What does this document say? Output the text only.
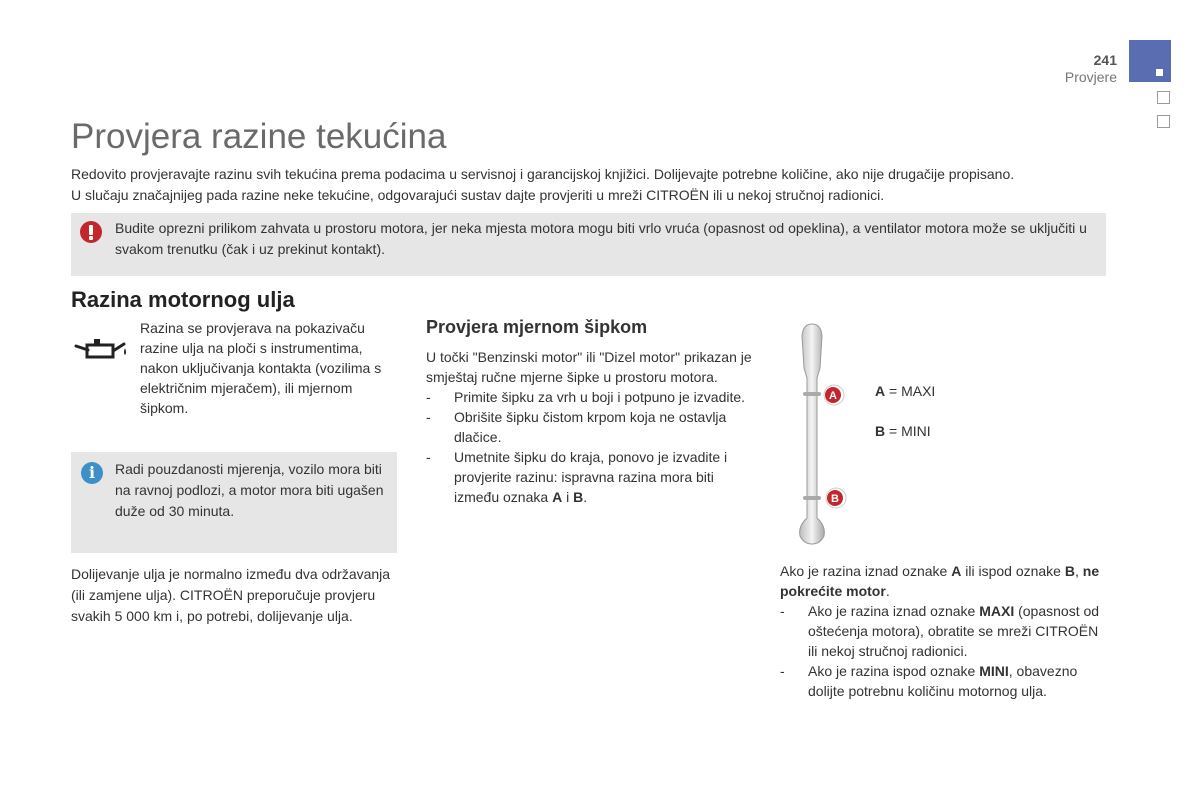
241
Provjere
Provjera razine tekućina
Redovito provjeravajte razinu svih tekućina prema podacima u servisnoj i garancijskoj knjižici. Dolijevajte potrebne količine, ako nije drugačije propisano.
U slučaju značajnijeg pada razine neke tekućine, odgovarajući sustav dajte provjeriti u mreži CITROËN ili u nekoj stručnoj radionici.

Budite oprezni prilikom zahvata u prostoru motora, jer neka mjesta motora mogu biti vrlo vruća (opasnost od opeklina), a ventilator motora može se uključiti u svakom trenutku (čak i uz prekinut kontakt).

Razina motornog ulja

Razina se provjerava na pokazivaču razine ulja na ploči s instrumentima, nakon uključivanja kontakta (vozilima s električnim mjeračem), ili mjernom šipkom.

i	Radi pouzdanosti mjerenja, vozilo mora biti na ravnoj podlozi, a motor mora biti ugašen duže od 30 minuta.

Dolijevanje ulja je normalno između dva održavanja (ili zamjene ulja). CITROËN preporučuje provjeru svakih 5 000 km i, po potrebi, dolijevanje ulja.

Provjera mjernom šipkom
U točki "Benzinski motor" ili "Dizel motor" prikazan je smještaj ručne mjerne šipke u prostoru motora.
- Primite šipku za vrh u boji i potpuno je izvadite.
- Obrišite šipku čistom krpom koja ne ostavlja dlačice.
- Umetnite šipku do kraja, ponovo je izvadite i provjerite razinu: ispravna razina mora biti između oznaka A i B.
A
B
A = MAXI
B = MINI
Ako je razina iznad oznake A ili ispod oznake B, ne pokrećite motor.
- Ako je razina iznad oznake MAXI (opasnost od oštećenja motora), obratite se mreži CITROËN ili nekoj stručnoj radionici.
- Ako je razina ispod oznake MINI, obavezno dolijte potrebnu količinu motornog ulja.
